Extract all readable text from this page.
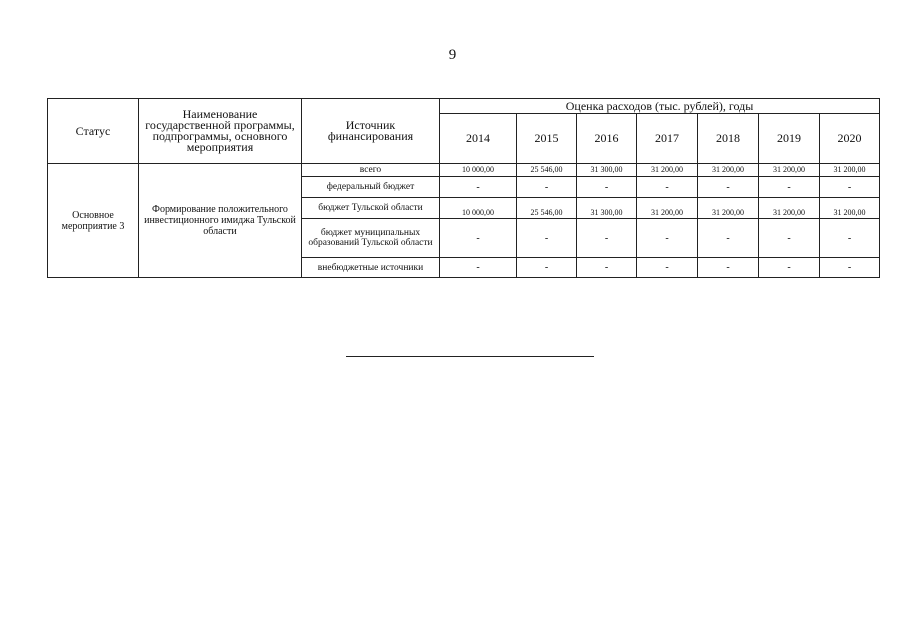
9
Статус	Наименование государственной программы, подпрограммы, основного мероприятия	Источник финансирования	Оценка расходов (тыс. рублей), годы						
			2014	2015	2016	2017	2018	2019	2020
Основное мероприятие 3	Формирование положительного инвестиционного имиджа Тульской области	всего	10 000,00	25 546,00	31 300,00	31 200,00	31 200,00	31 200,00	31 200,00
		федеральный бюджет	-	-	-	-	-	-	-
		бюджет Тульской области	10 000,00	25 546,00	31 300,00	31 200,00	31 200,00	31 200,00	31 200,00
		бюджет муниципальных образований Тульской области	-	-	-	-	-	-	-
		внебюджетные источники	-	-	-	-	-	-	-
